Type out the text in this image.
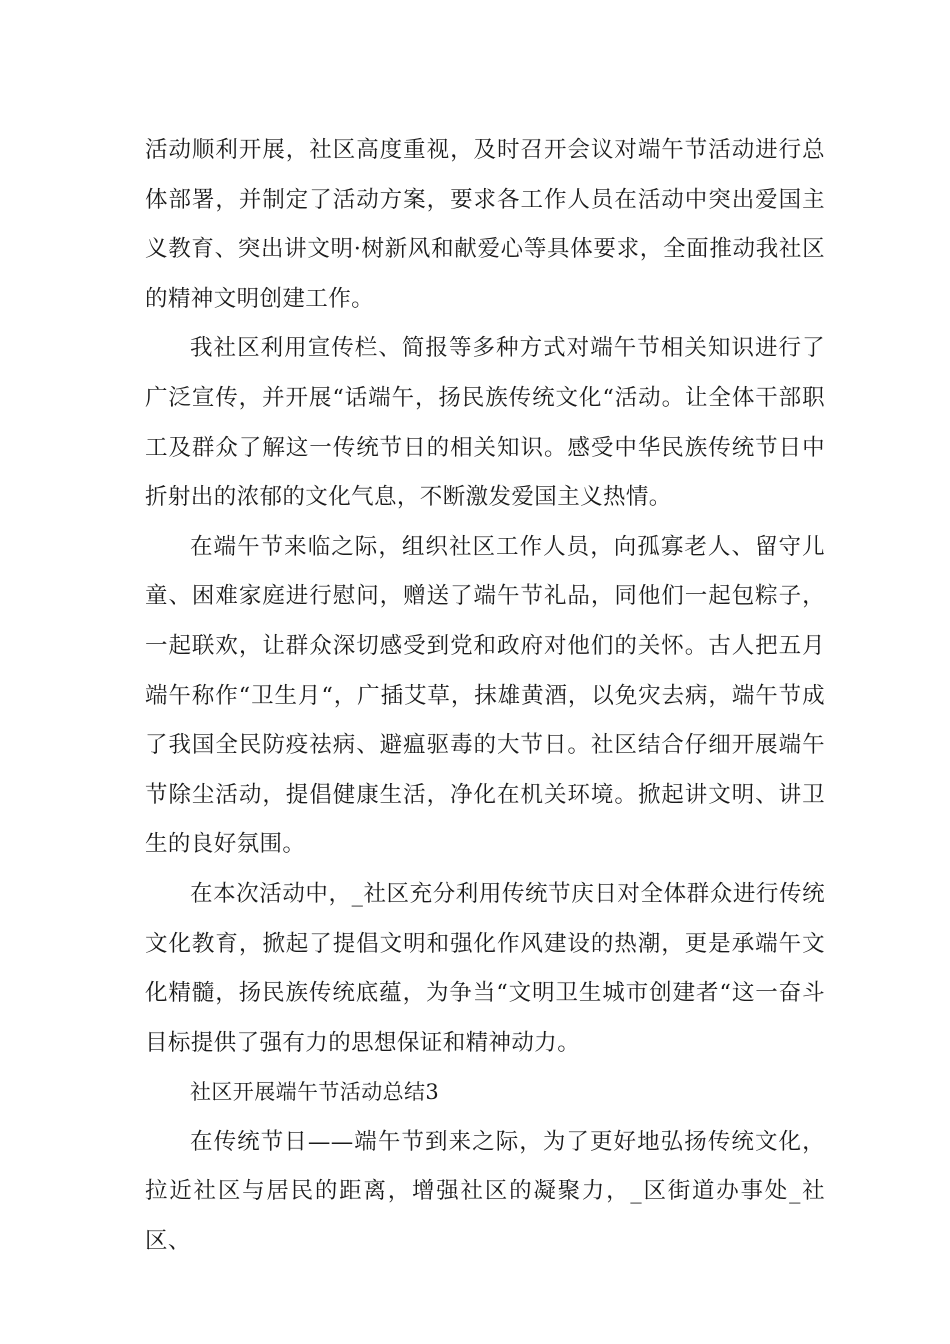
活动顺利开展，社区高度重视，及时召开会议对端午节活动进行总体部署，并制定了活动方案，要求各工作人员在活动中突出爱国主义教育、突出讲文明·树新风和献爱心等具体要求，全面推动我社区的精神文明创建工作。

我社区利用宣传栏、简报等多种方式对端午节相关知识进行了广泛宣传，并开展“话端午，扬民族传统文化“活动。让全体干部职工及群众了解这一传统节日的相关知识。感受中华民族传统节日中折射出的浓郁的文化气息，不断激发爱国主义热情。

在端午节来临之际，组织社区工作人员，向孤寡老人、留守儿童、困难家庭进行慰问，赠送了端午节礼品，同他们一起包粽子，一起联欢，让群众深切感受到党和政府对他们的关怀。古人把五月端午称作“卫生月“，广插艾草，抹雄黄酒，以免灾去病，端午节成了我国全民防疫祛病、避瘟驱毒的大节日。社区结合仔细开展端午节除尘活动，提倡健康生活，净化在机关环境。掀起讲文明、讲卫生的良好氛围。

在本次活动中，_社区充分利用传统节庆日对全体群众进行传统文化教育，掀起了提倡文明和强化作风建设的热潮，更是承端午文化精髓，扬民族传统底蕴，为争当“文明卫生城市创建者“这一奋斗目标提供了强有力的思想保证和精神动力。

社区开展端午节活动总结3

在传统节日——端午节到来之际，为了更好地弘扬传统文化，拉近社区与居民的距离，增强社区的凝聚力，_区街道办事处_社区、
